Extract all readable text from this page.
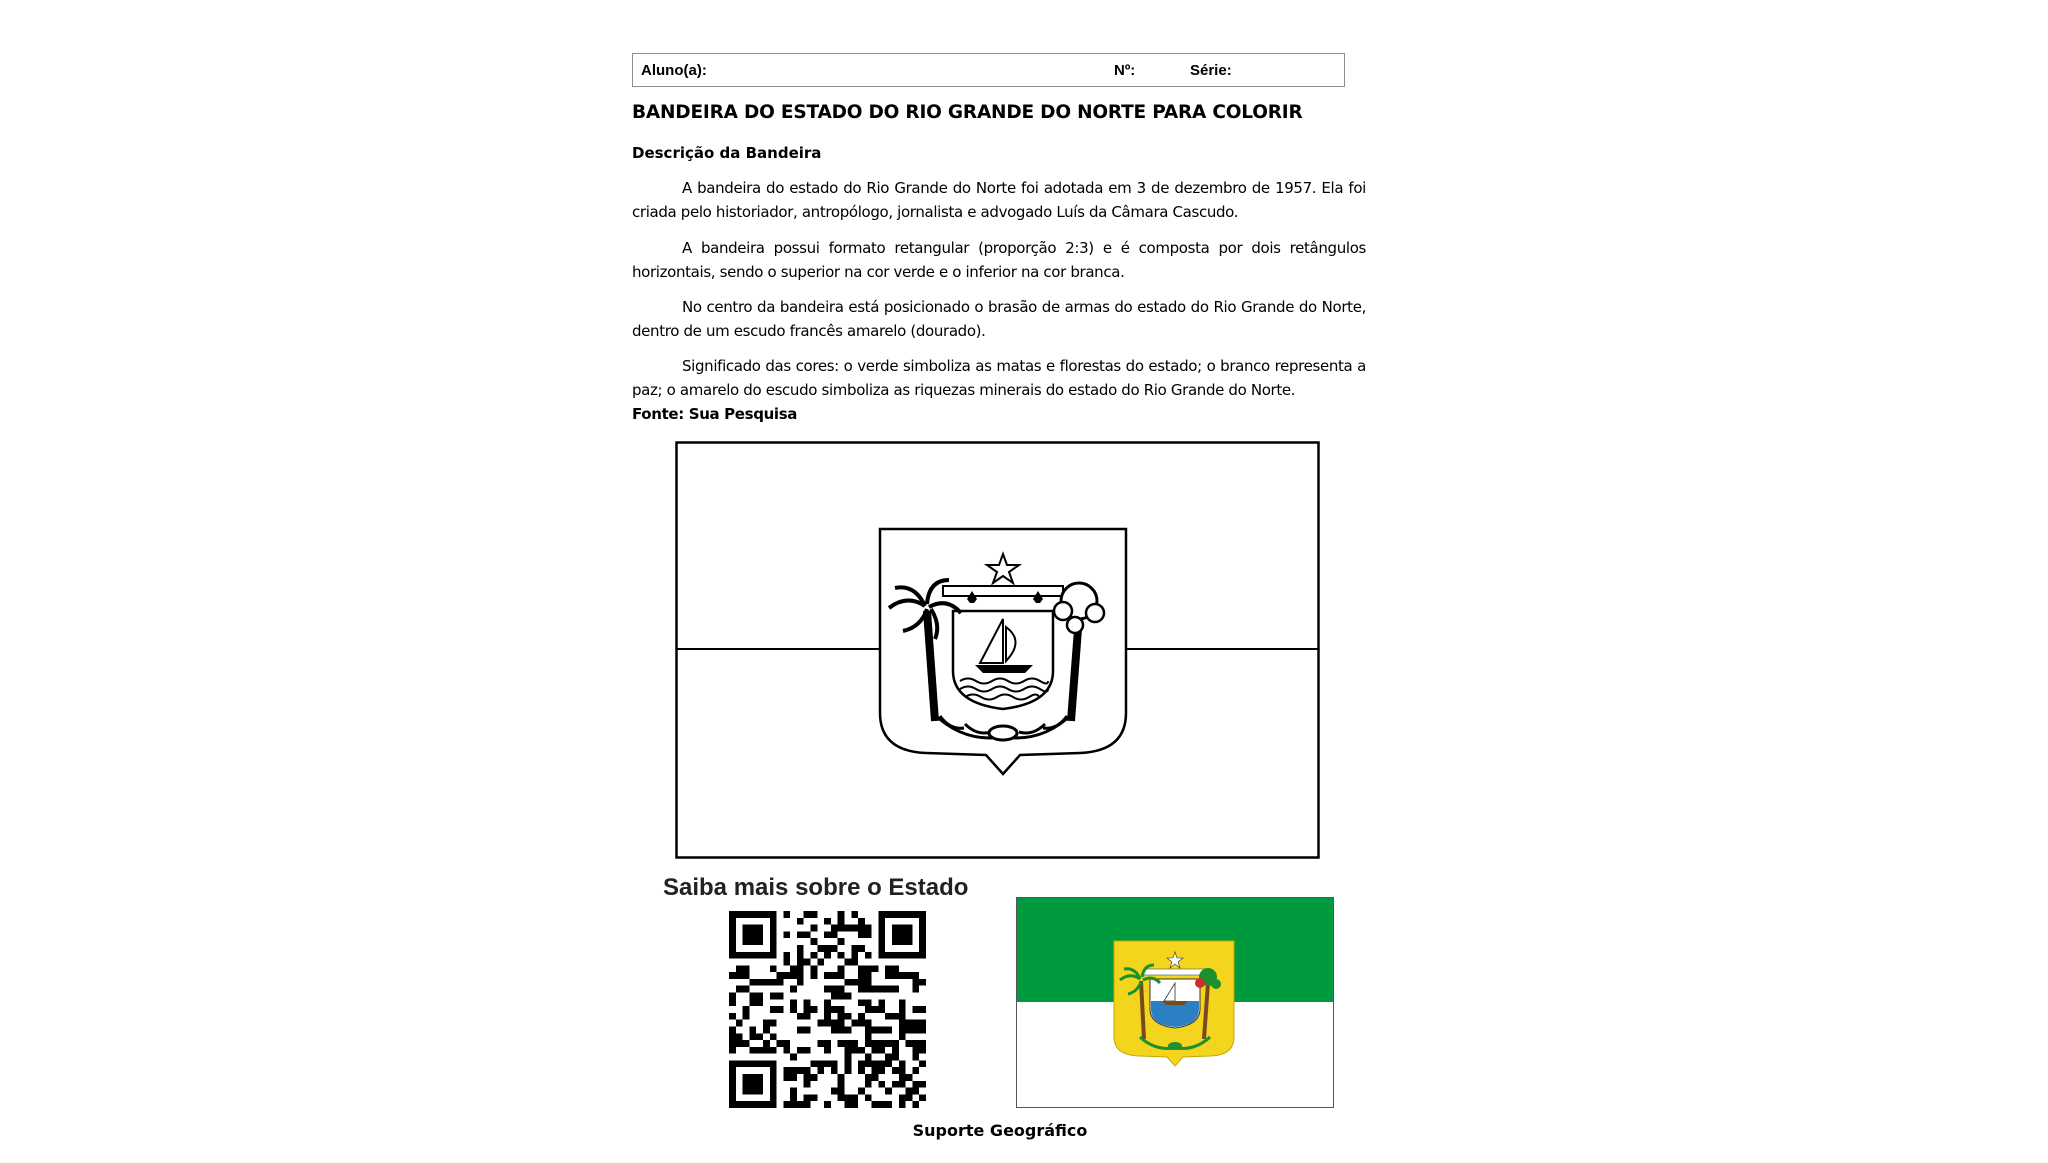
Aluno(a):	Nº:	Série:
BANDEIRA DO ESTADO DO RIO GRANDE DO NORTE PARA COLORIR
Descrição da Bandeira

A bandeira do estado do Rio Grande do Norte foi adotada em 3 de dezembro de 1957. Ela foi criada pelo historiador, antropólogo, jornalista e advogado Luís da Câmara Cascudo.

A bandeira possui formato retangular (proporção 2:3) e é composta por dois retângulos horizontais, sendo o superior na cor verde e o inferior na cor branca.

No centro da bandeira está posicionado o brasão de armas do estado do Rio Grande do Norte, dentro de um escudo francês amarelo (dourado).

Significado das cores: o verde simboliza as matas e florestas do estado; o branco representa a paz; o amarelo do escudo simboliza as riquezas minerais do estado do Rio Grande do Norte.
Fonte: Sua Pesquisa

Saiba mais sobre o Estado
Suporte Geográfico
